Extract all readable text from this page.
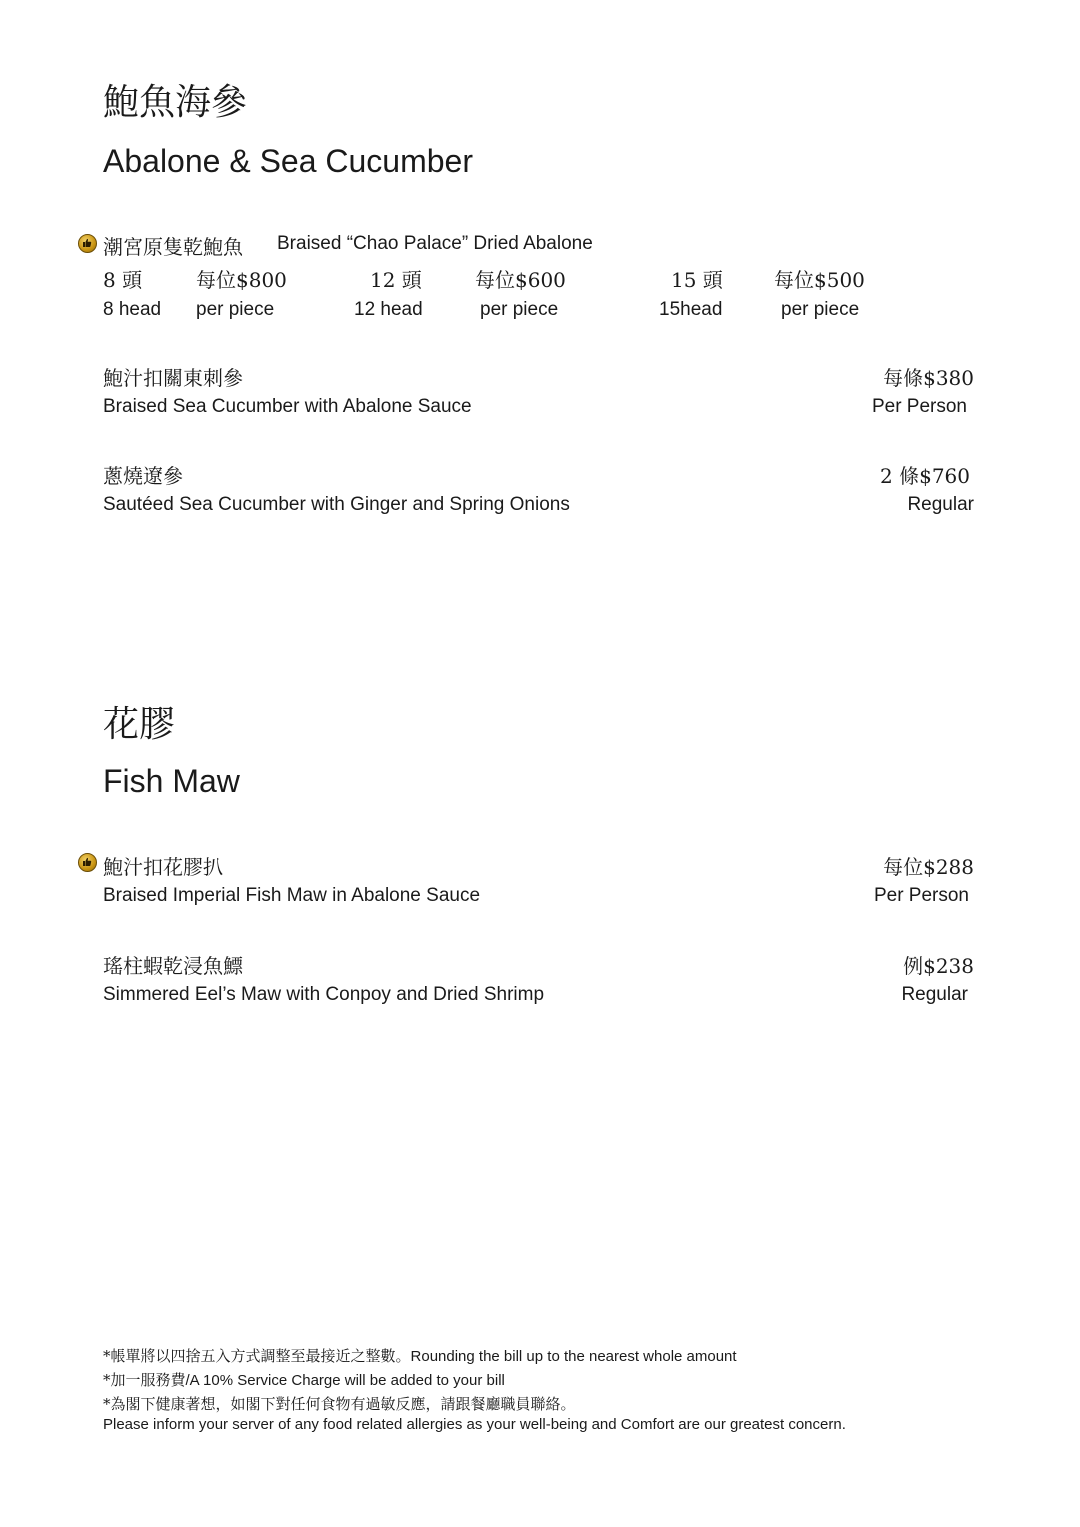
鮑魚海參
Abalone & Sea Cucumber
潮宮原隻乾鮑魚 Braised “Chao Palace” Dried Abalone
8 頭	每位$800	12 頭	每位$600	15 頭	每位$500
8 head per piece	12 head	per piece	15head	per piece
鮑汁扣關東刺參
Braised Sea Cucumber with Abalone Sauce
每條$380
Per Person
蔥燒遼參
Sautéed Sea Cucumber with Ginger and Spring Onions
2 條$760
Regular
花膠
Fish Maw
鮑汁扣花膠扒
Braised Imperial Fish Maw in Abalone Sauce
每位$288
Per Person
瑤柱蝦乾浸魚鰾
Simmered Eel’s Maw with Conpoy and Dried Shrimp
例$238
Regular
*帳單將以四捨五入方式調整至最接近之整數。Rounding the bill up to the nearest whole amount
*加一服務費/A 10% Service Charge will be added to your bill
*為閣下健康著想，如閣下對任何食物有過敏反應，請跟餐廳職員聯絡。
Please inform your server of any food related allergies as your well-being and Comfort are our greatest concern.
